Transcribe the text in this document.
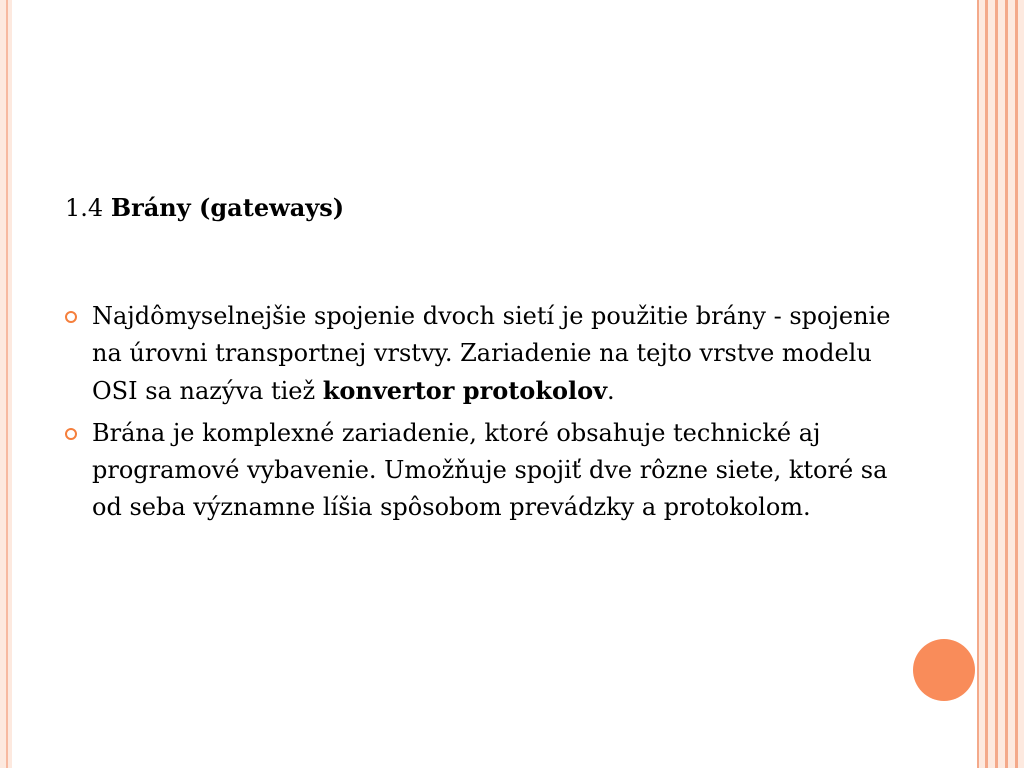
1.4 Brány (gateways)

Najdômyselnejšie spojenie dvoch sietí je použitie brány - spojenie na úrovni transportnej vrstvy. Zariadenie na tejto vrstve modelu OSI sa nazýva tiež konvertor protokolov.
Brána je komplexné zariadenie, ktoré obsahuje technické aj programové vybavenie. Umožňuje spojiť dve rôzne siete, ktoré sa od seba významne líšia spôsobom prevádzky a protokolom.
